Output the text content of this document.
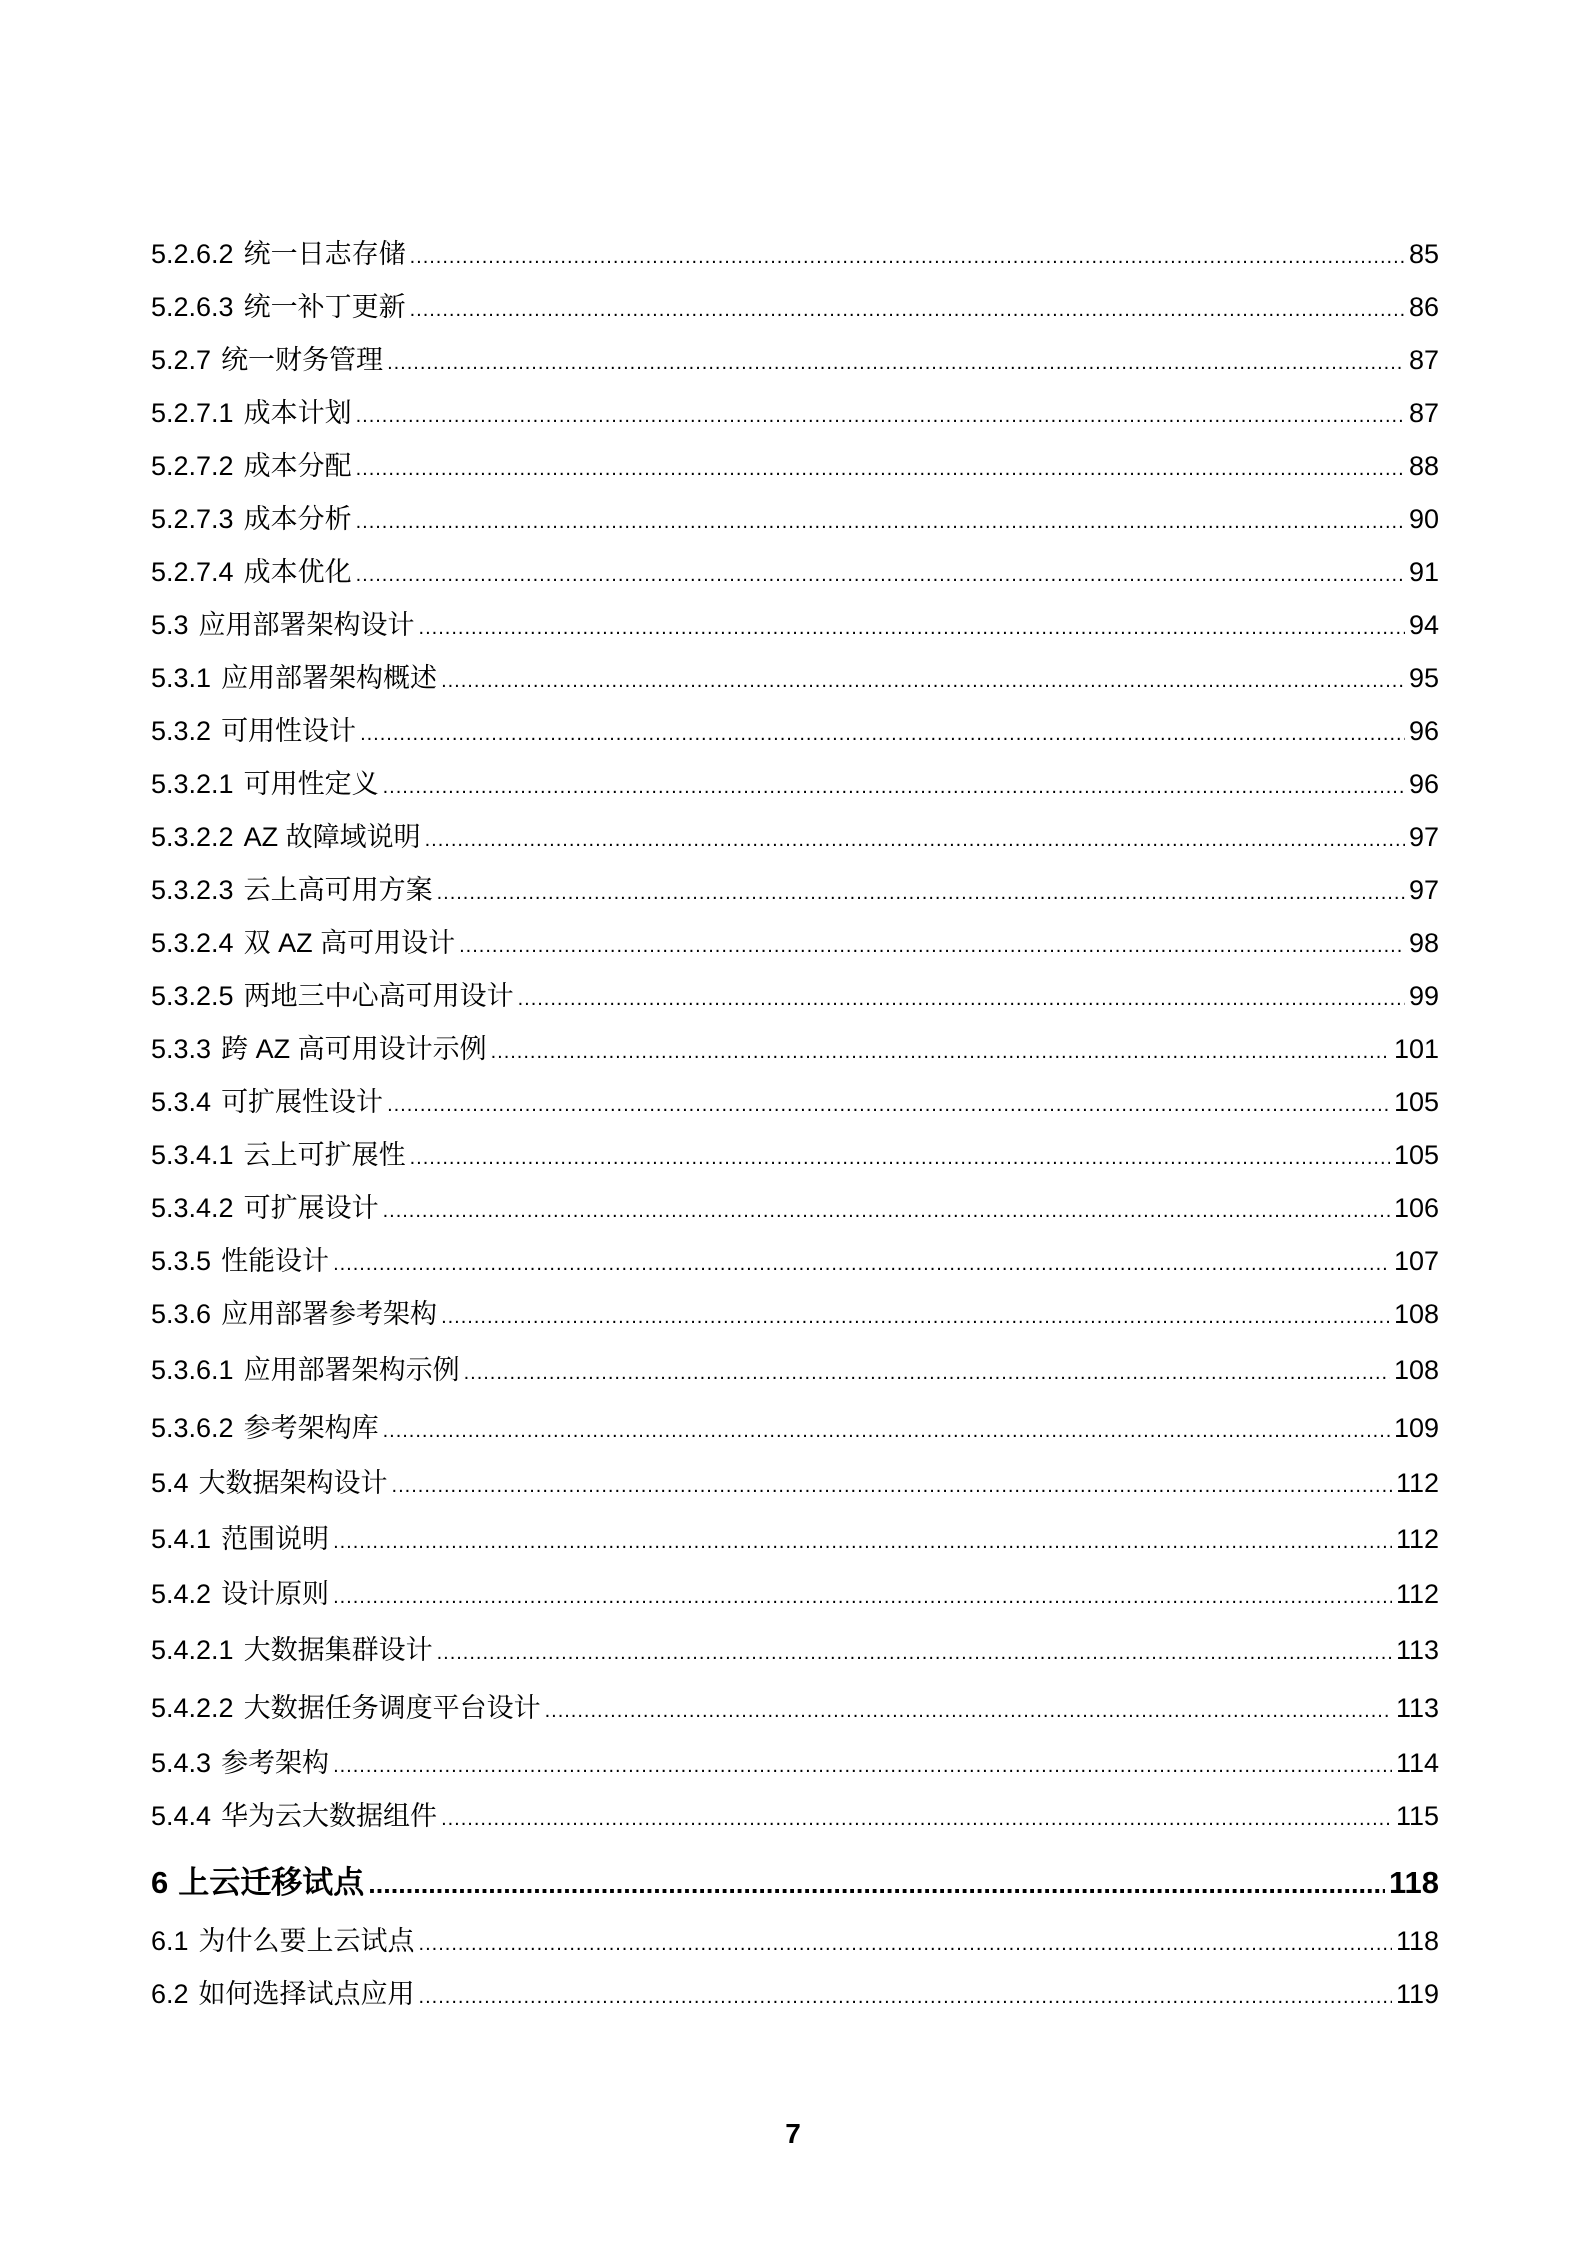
5.2.6.2 统一日志存储 .....	85
5.2.6.3 统一补丁更新 .....	86
5.2.7 统一财务管理 .....	87
5.2.7.1 成本计划 .....	87
5.2.7.2 成本分配 .....	88
5.2.7.3 成本分析 .....	90
5.2.7.4 成本优化 .....	91
5.3 应用部署架构设计 .....	94
5.3.1 应用部署架构概述 .....	95
5.3.2 可用性设计 .....	96
5.3.2.1 可用性定义 .....	96
5.3.2.2 AZ 故障域说明 .....	97
5.3.2.3 云上高可用方案 .....	97
5.3.2.4 双 AZ 高可用设计 .....	98
5.3.2.5 两地三中心高可用设计 .....	99
5.3.3 跨 AZ 高可用设计示例 .....	101
5.3.4 可扩展性设计 .....	105
5.3.4.1 云上可扩展性 .....	105
5.3.4.2 可扩展设计 .....	106
5.3.5 性能设计 .....	107
5.3.6 应用部署参考架构 .....	108
5.3.6.1 应用部署架构示例 .....	108
5.3.6.2 参考架构库 .....	109
5.4 大数据架构设计 .....	112
5.4.1 范围说明 .....	112
5.4.2 设计原则 .....	112
5.4.2.1 大数据集群设计 .....	113
5.4.2.2 大数据任务调度平台设计 .....	113
5.4.3 参考架构 .....	114
5.4.4 华为云大数据组件 .....	115
6 上云迁移试点 .....	118
6.1 为什么要上云试点 .....	118
6.2 如何选择试点应用 .....	119
7
